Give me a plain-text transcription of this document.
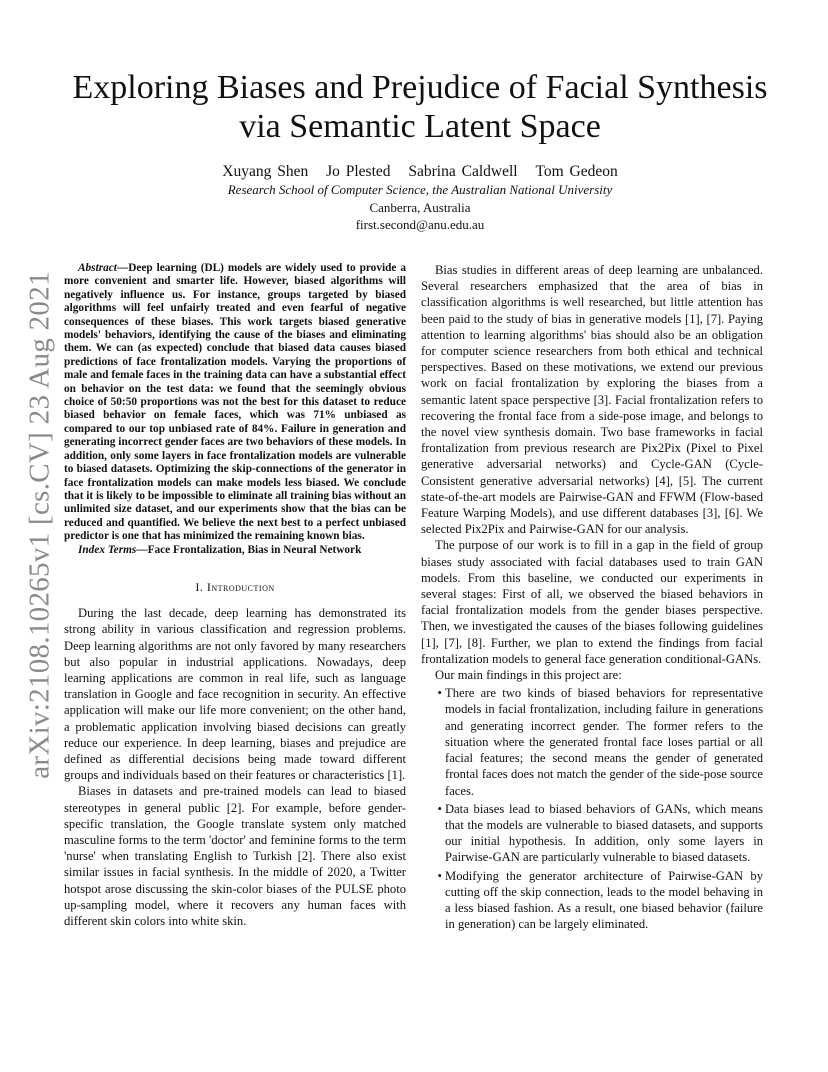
arXiv:2108.10265v1 [cs.CV] 23 Aug 2021
Exploring Biases and Prejudice of Facial Synthesis via Semantic Latent Space
Xuyang Shen Jo Plested Sabrina Caldwell Tom Gedeon
Research School of Computer Science, the Australian National University
Canberra, Australia
first.second@anu.edu.au

Abstract—Deep learning (DL) models are widely used to provide a more convenient and smarter life. However, biased algorithms will negatively influence us. For instance, groups targeted by biased algorithms will feel unfairly treated and even fearful of negative consequences of these biases. This work targets biased generative models' behaviors, identifying the cause of the biases and eliminating them. We can (as expected) conclude that biased data causes biased predictions of face frontalization models. Varying the proportions of male and female faces in the training data can have a substantial effect on behavior on the test data: we found that the seemingly obvious choice of 50:50 proportions was not the best for this dataset to reduce biased behavior on female faces, which was 71% unbiased as compared to our top unbiased rate of 84%. Failure in generation and generating incorrect gender faces are two behaviors of these models. In addition, only some layers in face frontalization models are vulnerable to biased datasets. Optimizing the skip-connections of the generator in face frontalization models can make models less biased. We conclude that it is likely to be impossible to eliminate all training bias without an unlimited size dataset, and our experiments show that the bias can be reduced and quantified. We believe the next best to a perfect unbiased predictor is one that has minimized the remaining known bias.

Index Terms—Face Frontalization, Bias in Neural Network

I. Introduction

During the last decade, deep learning has demonstrated its strong ability in various classification and regression problems. Deep learning algorithms are not only favored by many researchers but also popular in industrial applications. Nowadays, deep learning applications are common in real life, such as language translation in Google and face recognition in security. An effective application will make our life more convenient; on the other hand, a problematic application involving biased decisions can greatly reduce our experience. In deep learning, biases and prejudice are defined as differential decisions being made toward different groups and individuals based on their features or characteristics [1].

Biases in datasets and pre-trained models can lead to biased stereotypes in general public [2]. For example, before gender-specific translation, the Google translate system only matched masculine forms to the term 'doctor' and feminine forms to the term 'nurse' when translating English to Turkish [2]. There also exist similar issues in facial synthesis. In the middle of 2020, a Twitter hotspot arose discussing the skin-color biases of the PULSE photo up-sampling model, where it recovers any human faces with different skin colors into white skin.

Bias studies in different areas of deep learning are unbalanced. Several researchers emphasized that the area of bias in classification algorithms is well researched, but little attention has been paid to the study of bias in generative models [1], [7]. Paying attention to learning algorithms' bias should also be an obligation for computer science researchers from both ethical and technical perspectives. Based on these motivations, we extend our previous work on facial frontalization by exploring the biases from a semantic latent space perspective [3]. Facial frontalization refers to recovering the frontal face from a side-pose image, and belongs to the novel view synthesis domain. Two base frameworks in facial frontalization from previous research are Pix2Pix (Pixel to Pixel generative adversarial networks) and Cycle-GAN (Cycle-Consistent generative adversarial networks) [4], [5]. The current state-of-the-art models are Pairwise-GAN and FFWM (Flow-based Feature Warping Models), and use different databases [3], [6]. We selected Pix2Pix and Pairwise-GAN for our analysis.

The purpose of our work is to fill in a gap in the field of group biases study associated with facial databases used to train GAN models. From this baseline, we conducted our experiments in several stages: First of all, we observed the biased behaviors in facial frontalization models from the gender biases perspective. Then, we investigated the causes of the biases following guidelines [1], [7], [8]. Further, we plan to extend the findings from facial frontalization models to general face generation conditional-GANs.

Our main findings in this project are:

• There are two kinds of biased behaviors for representative models in facial frontalization, including failure in generations and generating incorrect gender. The former refers to the situation where the generated frontal face loses partial or all facial features; the second means the gender of generated frontal faces does not match the gender of the side-pose source faces.
• Data biases lead to biased behaviors of GANs, which means that the models are vulnerable to biased datasets, and supports our initial hypothesis. In addition, only some layers in Pairwise-GAN are particularly vulnerable to biased datasets.
• Modifying the generator architecture of Pairwise-GAN by cutting off the skip connection, leads to the model behaving in a less biased fashion. As a result, one biased behavior (failure in generation) can be largely eliminated.
